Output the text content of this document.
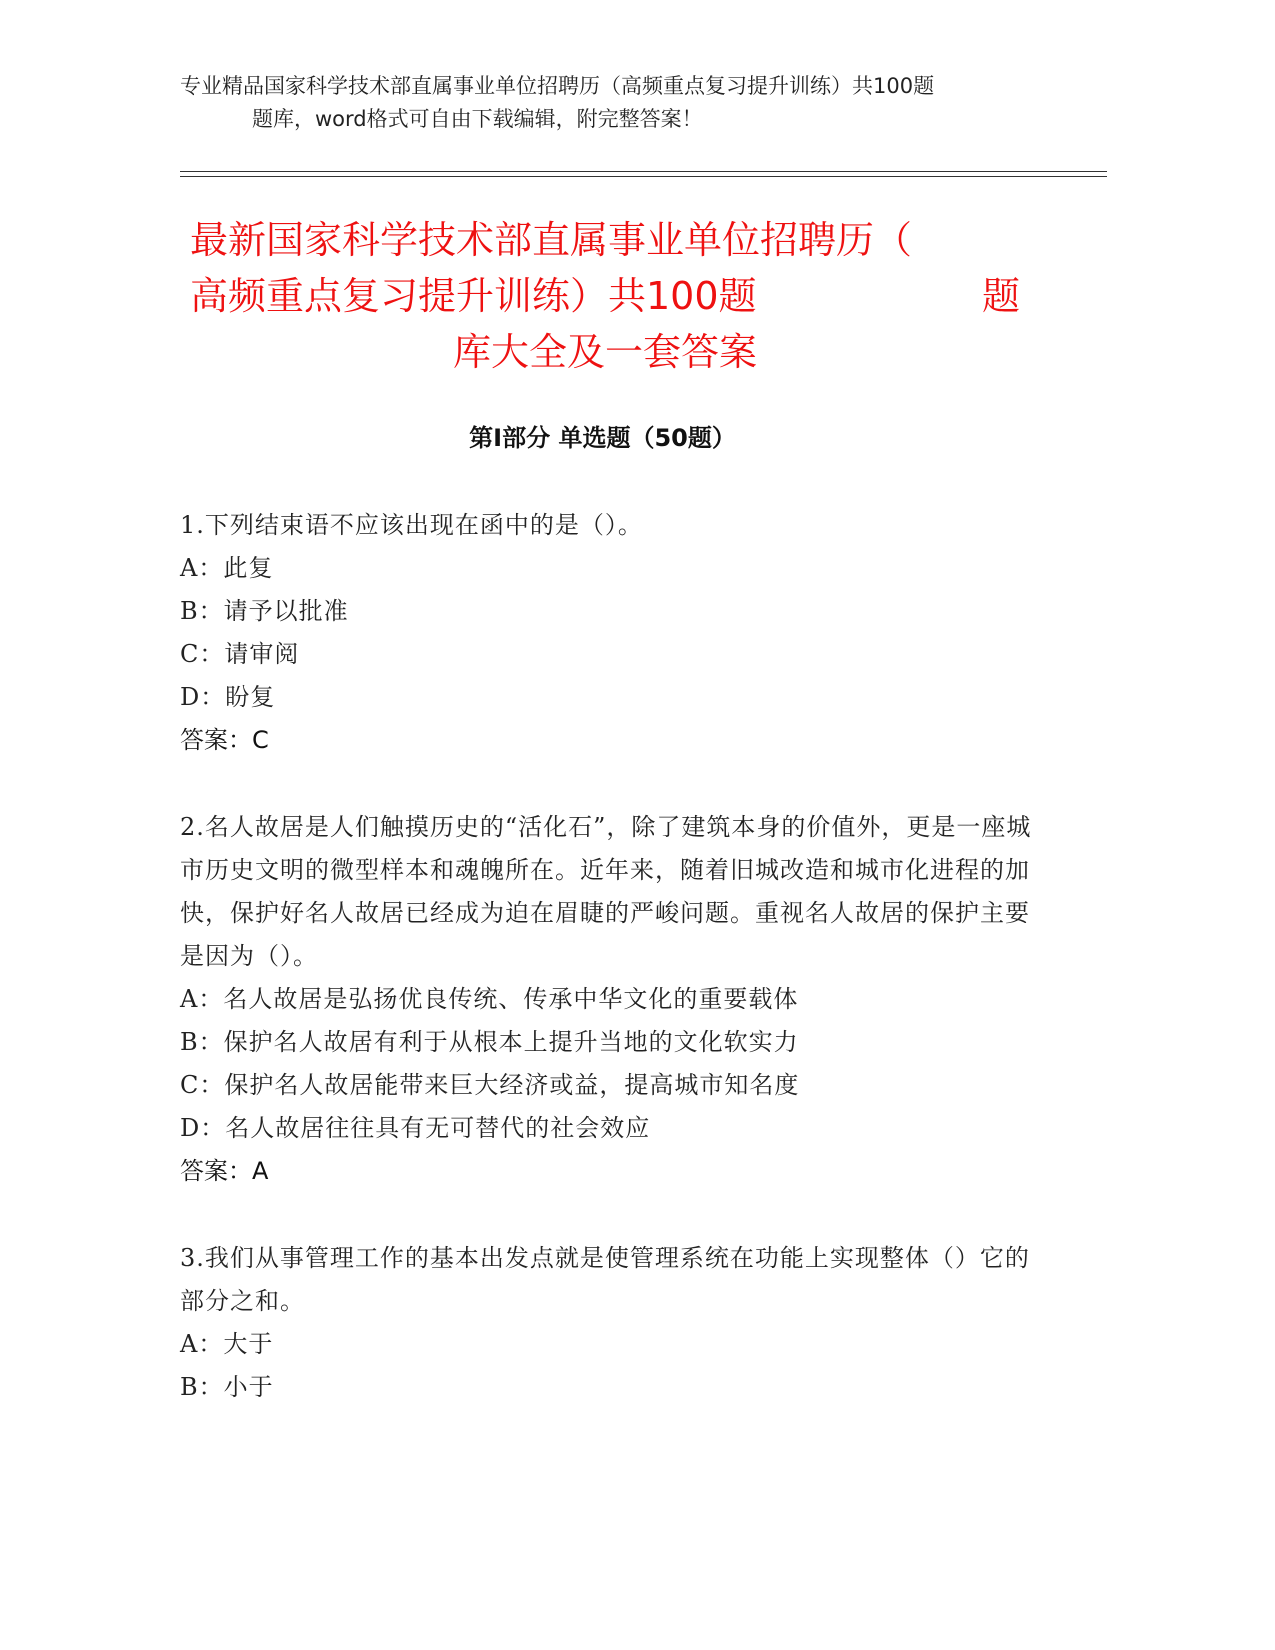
专业精品国家科学技术部直属事业单位招聘历（高频重点复习提升训练）共100题
题库，word格式可自由下载编辑，附完整答案！
最新国家科学技术部直属事业单位招聘历（
高频重点复习提升训练）共100题	题
库大全及一套答案
第Ⅰ部分 单选题（50题）

1.下列结束语不应该出现在函中的是（）。

A：此复

B：请予以批准

C：请审阅

D：盼复

答案：C

2.名人故居是人们触摸历史的“活化石”，除了建筑本身的价值外，更是一座城市历史文明的微型样本和魂魄所在。近年来，随着旧城改造和城市化进程的加快，保护好名人故居已经成为迫在眉睫的严峻问题。重视名人故居的保护主要是因为（）。

A：名人故居是弘扬优良传统、传承中华文化的重要载体

B：保护名人故居有利于从根本上提升当地的文化软实力

C：保护名人故居能带来巨大经济或益，提高城市知名度

D：名人故居往往具有无可替代的社会效应

答案：A

3.我们从事管理工作的基本出发点就是使管理系统在功能上实现整体（）它的部分之和。

A：大于

B：小于
